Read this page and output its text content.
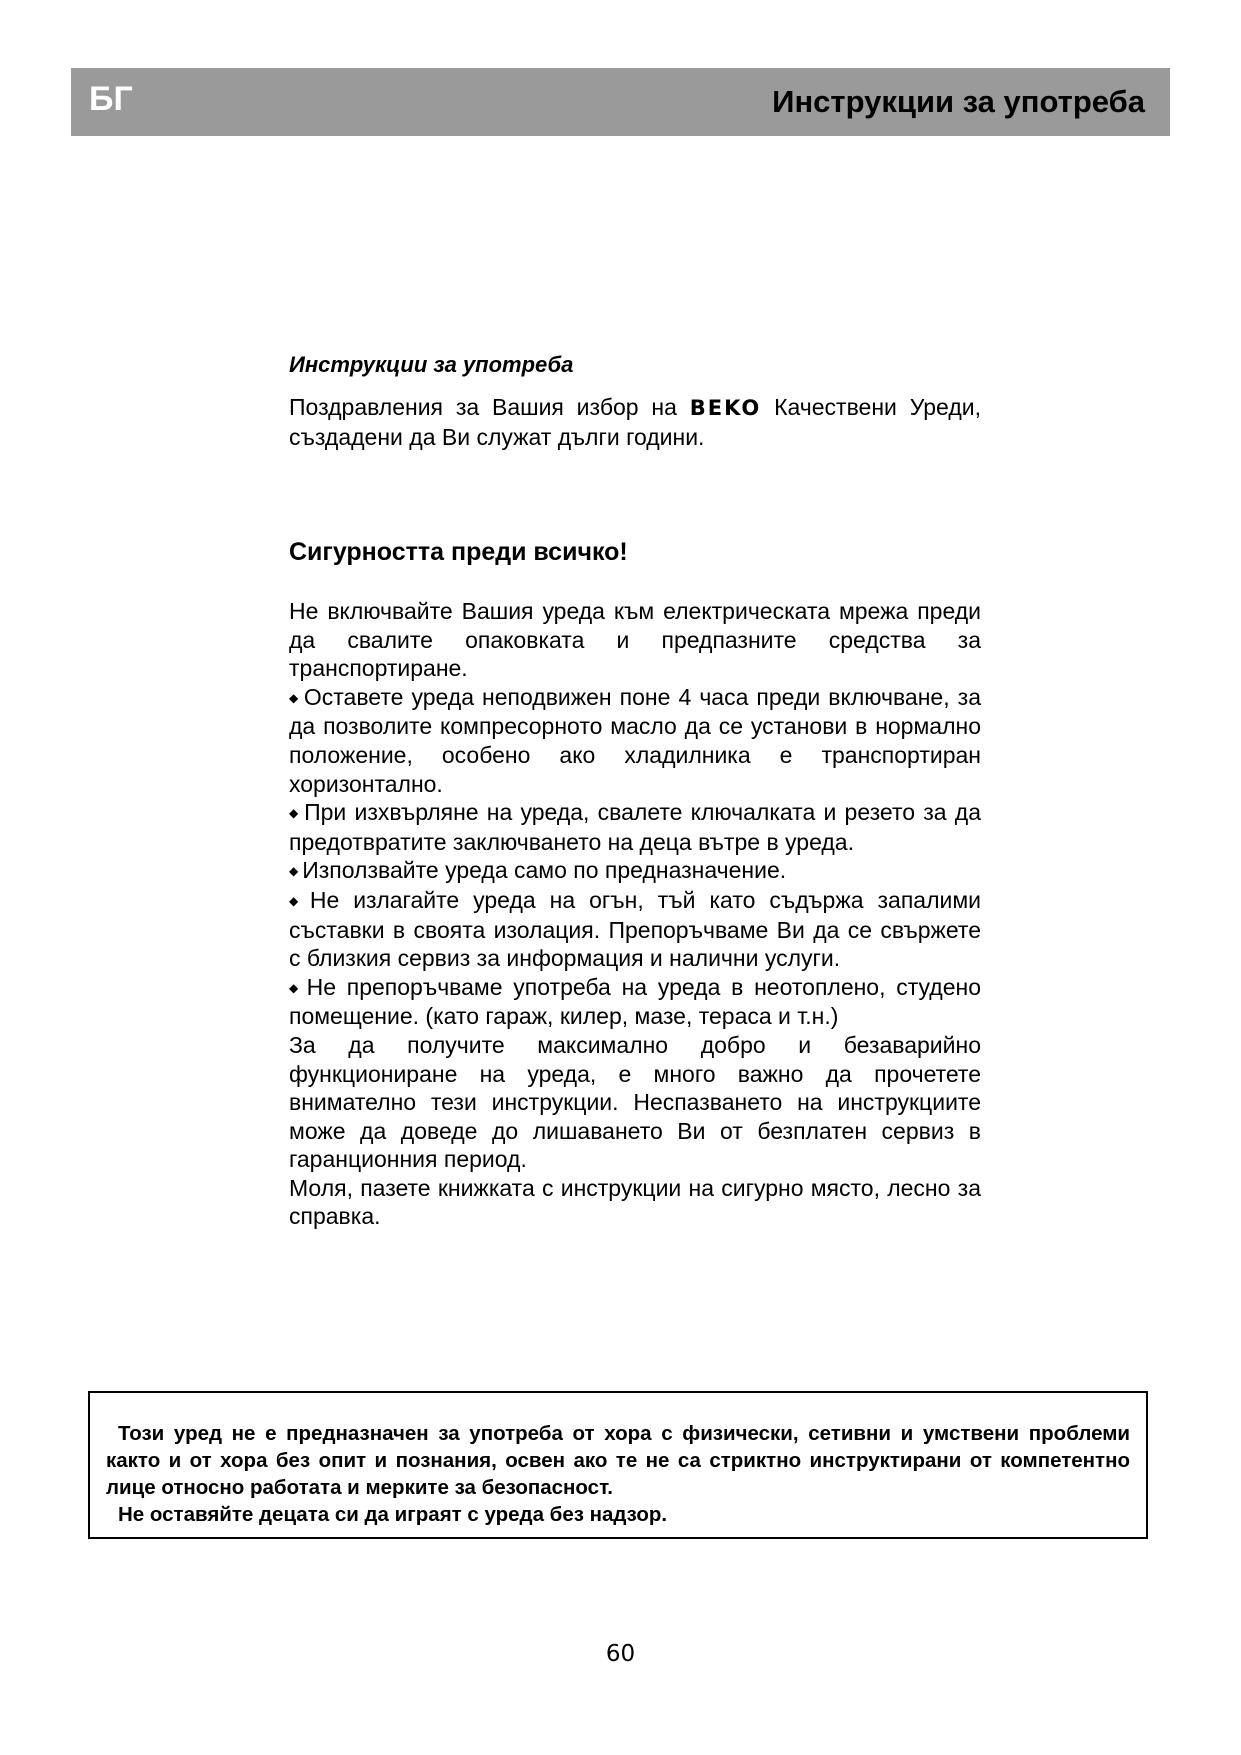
БГ	Инструкции за употреба
Инструкции за употреба
Поздравления за Вашия избор на BEKO Качествени Уреди, създадени да Ви служат дълги години.
Сигурността преди всичко!

Не включвайте Вашия уреда към електрическата мрежа преди да свалите опаковката и предпазните средства за транспортиране.

◆ Оставете уреда неподвижен поне 4 часа преди включване, за да позволите компресорното масло да се установи в нормално положение, особено ако хладилника е транспортиран хоризонтално.

◆ При изхвърляне на уреда, свалете ключалката и резето за да предотвратите заключването на деца вътре в уреда.

◆ Използвайте уреда само по предназначение.

◆ Не излагайте уреда на огън, тъй като съдържа запалими съставки в своята изолация. Препоръчваме Ви да се свържете с близкия сервиз за информация и налични услуги.

◆ Не препоръчваме употреба на уреда в неотоплено, студено помещение. (като гараж, килер, мазе, тераса и т.н.)

За да получите максимално добро и безаварийно функциониране на уреда, е много важно да прочетете внимателно тези инструкции. Неспазването на инструкциите може да доведе до лишаването Ви от безплатен сервиз в гаранционния период.

Моля, пазете книжката с инструкции на сигурно място, лесно за справка.

Този уред не е предназначен за употреба от хора с физически, сетивни и умствени проблеми както и от хора без опит и познания, освен ако те не са стриктно инструктирани от компетентно лице относно работата и мерките за безопасност.

Не оставяйте децата си да играят с уреда без надзор.

60
